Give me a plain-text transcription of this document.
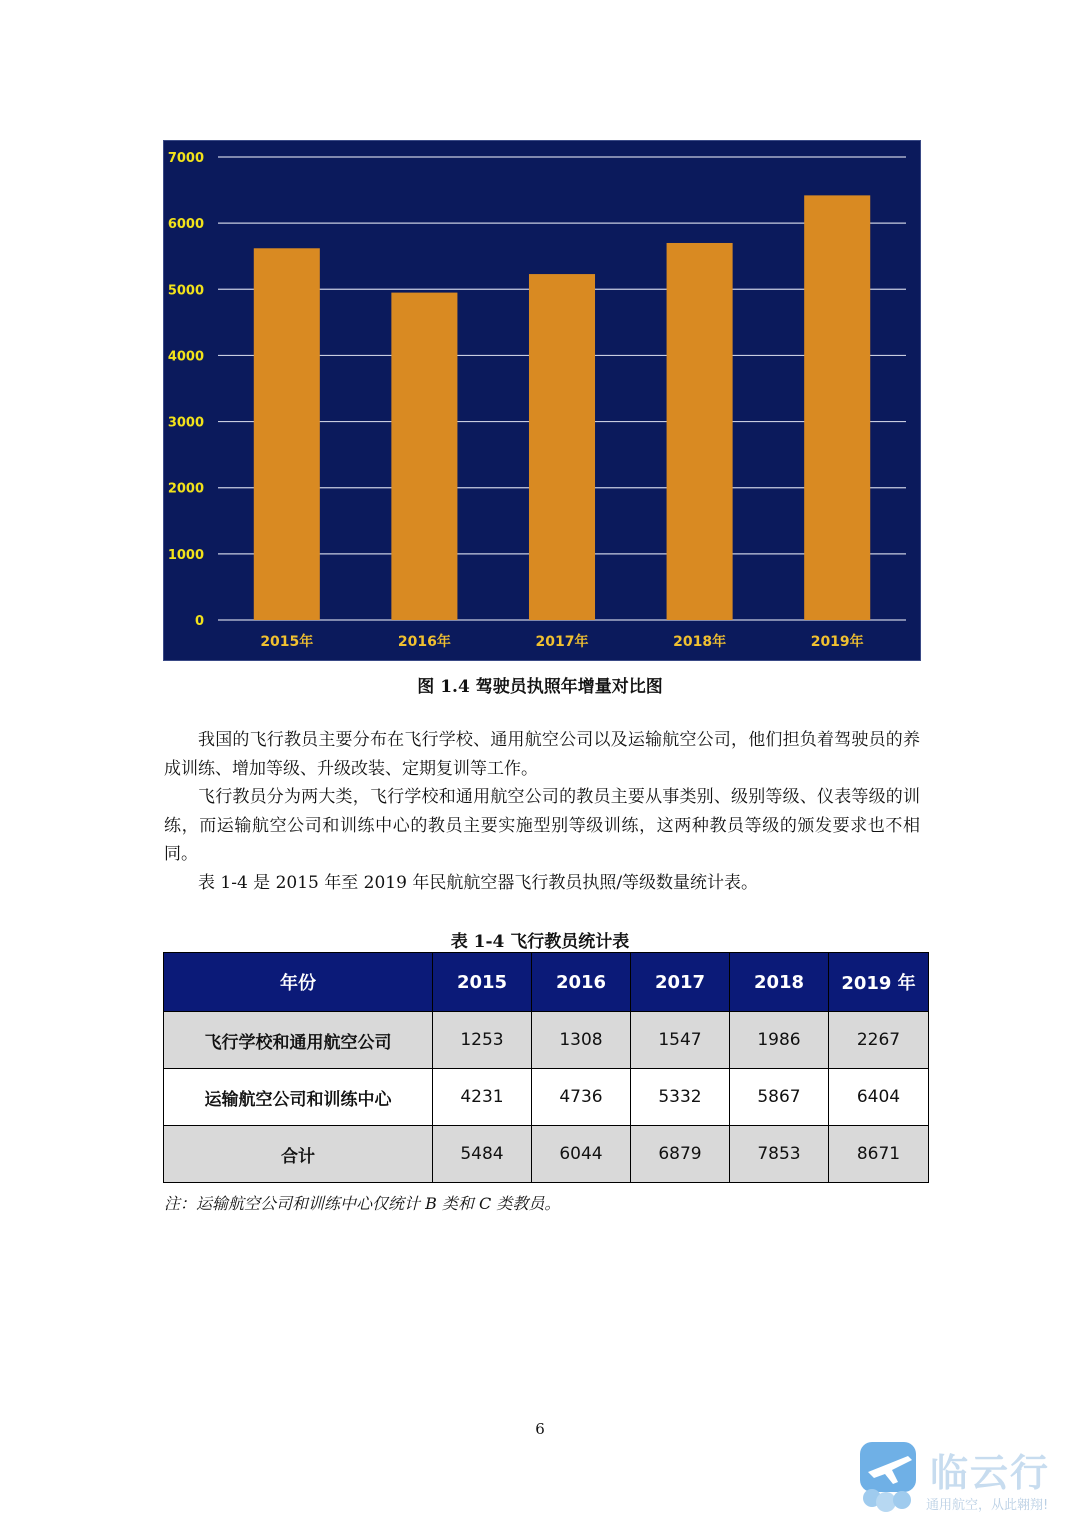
0
1000
2000
3000
4000
5000
6000
7000
2015年	2016年	2017年	2018年	2019年
图 1.4 驾驶员执照年增量对比图

我国的飞行教员主要分布在飞行学校、通用航空公司以及运输航空公司，他们担负着驾驶员的养成训练、增加等级、升级改装、定期复训等工作。

飞行教员分为两大类，飞行学校和通用航空公司的教员主要从事类别、级别等级、仪表等级的训练，而运输航空公司和训练中心的教员主要实施型别等级训练，这两种教员等级的颁发要求也不相同。

表 1-4 是 2015 年至 2019 年民航航空器飞行教员执照/等级数量统计表。

表 1-4 飞行教员统计表
年份	2015	2016	2017	2018	2019 年
飞行学校和通用航空公司	1253	1308	1547	1986	2267
运输航空公司和训练中心	4231	4736	5332	5867	6404
合计	5484	6044	6879	7853	8671
注：运输航空公司和训练中心仅统计 B 类和 C 类教员。
6
临云行
通用航空，从此翱翔!
